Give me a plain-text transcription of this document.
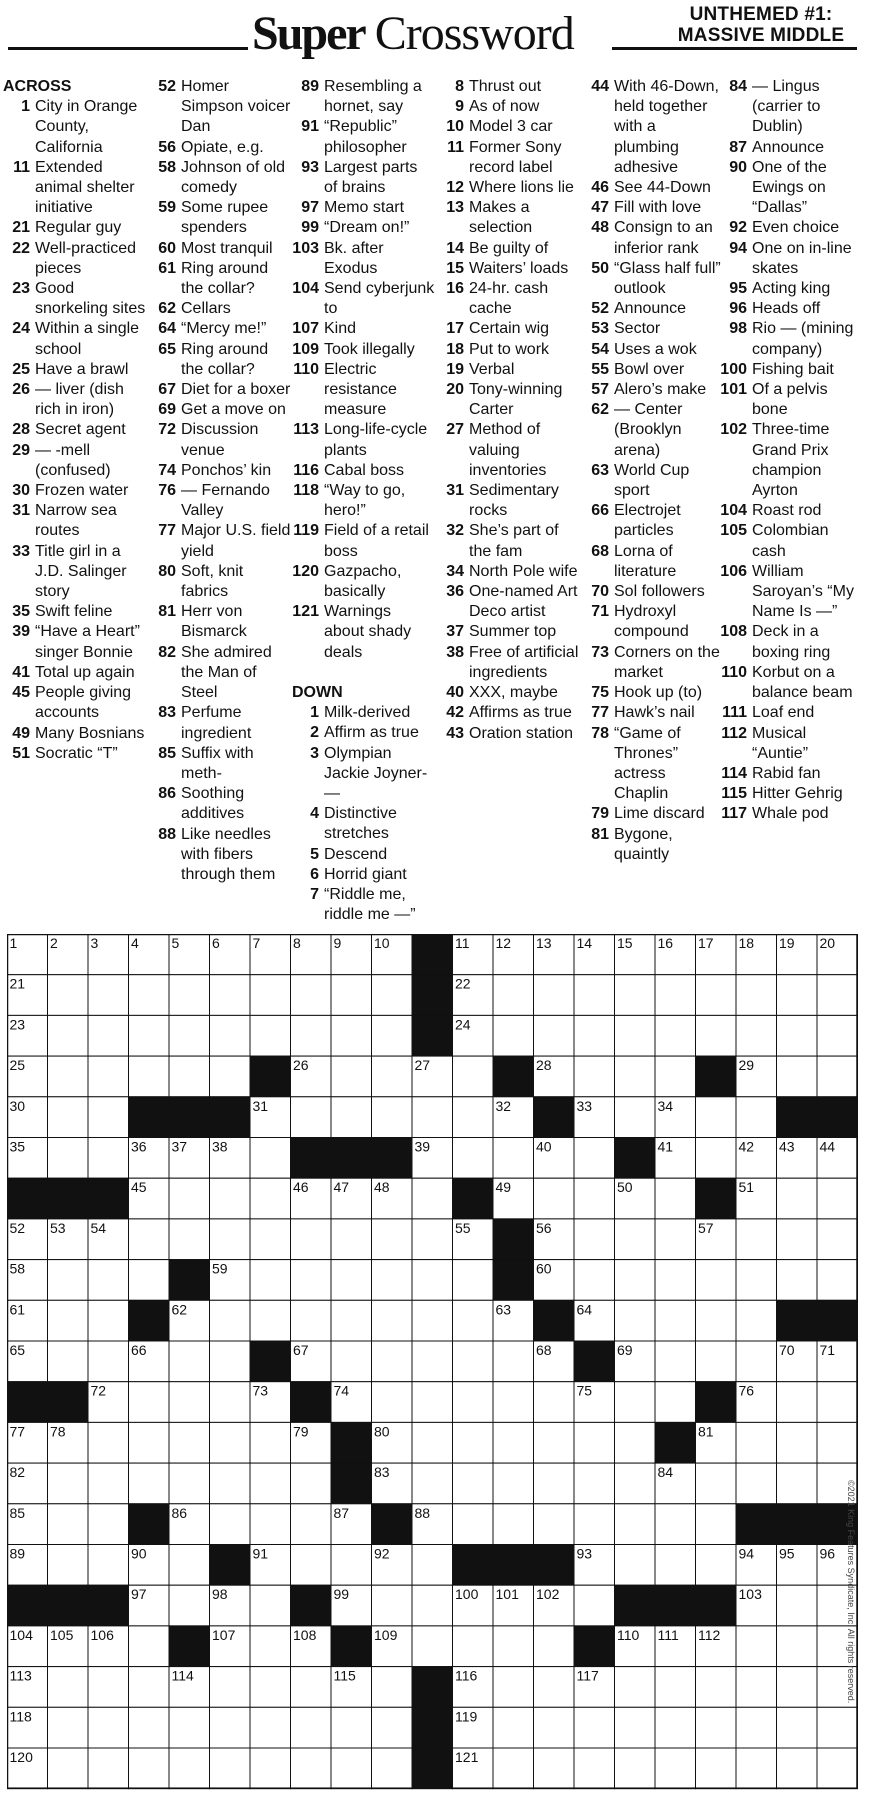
Super Crossword	UNTHEMED #1:
MASSIVE MIDDLE
ACROSS
1 City in Orange County, California
11 Extended animal shelter initiative
21 Regular guy
22 Well-practiced pieces
23 Good snorkeling sites
24 Within a single school
25 Have a brawl
26 — liver (dish rich in iron)
28 Secret agent
29 — -mell (confused)
30 Frozen water
31 Narrow sea routes
33 Title girl in a J.D. Salinger story
35 Swift feline
39 “Have a Heart” singer Bonnie
41 Total up again
45 People giving accounts
49 Many Bosnians
51 Socratic “T”
52 Homer Simpson voicer Dan
56 Opiate, e.g.
58 Johnson of old comedy
59 Some rupee spenders
60 Most tranquil
61 Ring around the collar?
62 Cellars
64 “Mercy me!”
65 Ring around the collar?
67 Diet for a boxer
69 Get a move on
72 Discussion venue
74 Ponchos’ kin
76 — Fernando Valley
77 Major U.S. field yield
80 Soft, knit fabrics
81 Herr von Bismarck
82 She admired the Man of Steel
83 Perfume ingredient
85 Suffix with meth-
86 Soothing additives
88 Like needles with fibers through them
89 Resembling a hornet, say
91 “Republic” philosopher
93 Largest parts of brains
97 Memo start
99 “Dream on!”
103 Bk. after Exodus
104 Send cyberjunk to
107 Kind
109 Took illegally
110 Electric resistance measure
113 Long-life-cycle plants
116 Cabal boss
118 “Way to go, hero!”
119 Field of a retail boss
120 Gazpacho, basically
121 Warnings about shady deals
DOWN
1 Milk-derived
2 Affirm as true
3 Olympian Jackie Joyner- —
4 Distinctive stretches
5 Descend
6 Horrid giant
7 “Riddle me, riddle me —”
8 Thrust out
9 As of now
10 Model 3 car
11 Former Sony record label
12 Where lions lie
13 Makes a selection
14 Be guilty of
15 Waiters’ loads
16 24-hr. cash cache
17 Certain wig
18 Put to work
19 Verbal
20 Tony-winning Carter
27 Method of valuing inventories
31 Sedimentary rocks
32 She’s part of the fam
34 North Pole wife
36 One-named Art Deco artist
37 Summer top
38 Free of artificial ingredients
40 XXX, maybe
42 Affirms as true
43 Oration station
44 With 46-Down, held together with a plumbing adhesive
46 See 44-Down
47 Fill with love
48 Consign to an inferior rank
50 “Glass half full” outlook
52 Announce
53 Sector
54 Uses a wok
55 Bowl over
57 Alero’s make
62 — Center (Brooklyn arena)
63 World Cup sport
66 Electrojet particles
68 Lorna of literature
70 Sol followers
71 Hydroxyl compound
73 Corners on the market
75 Hook up (to)
77 Hawk’s nail
78 “Game of Thrones” actress Chaplin
79 Lime discard
81 Bygone, quaintly
84 — Lingus (carrier to Dublin)
87 Announce
90 One of the Ewings on “Dallas”
92 Even choice
94 One on in-line skates
95 Acting king
96 Heads off
98 Rio — (mining company)
100 Fishing bait
101 Of a pelvis bone
102 Three-time Grand Prix champion Ayrton
104 Roast rod
105 Colombian cash
106 William Saroyan’s “My Name Is —”
108 Deck in a boxing ring
110 Korbut on a balance beam
111 Loaf end
112 Musical “Auntie”
114 Rabid fan
115 Hitter Gehrig
117 Whale pod
1 2 3 4 5 6 7 8 9 10	11 12 13 14 15 16 17 18 19 20
21	22
23	24
25	26	27	28	29
30	31	32	33	34
35	36 37 38	39	40	41	42 43 44
45	46 47 48	49	50	51
52 53 54	55	56	57
58	59	60
61	62	63	64
65	66	67	68	69	70 71
72	73	74	75	76
77 78	79	80	81
82	83	84
85	86	87	88
89	90	91	92	93	94 95 96
97	98	99	100 101 102	103
104 105 106	107	108	109	110 111 112
113	114	115	116	117
118	119
120	121
©2021 King Features Syndicate, Inc. All rights reserved.
